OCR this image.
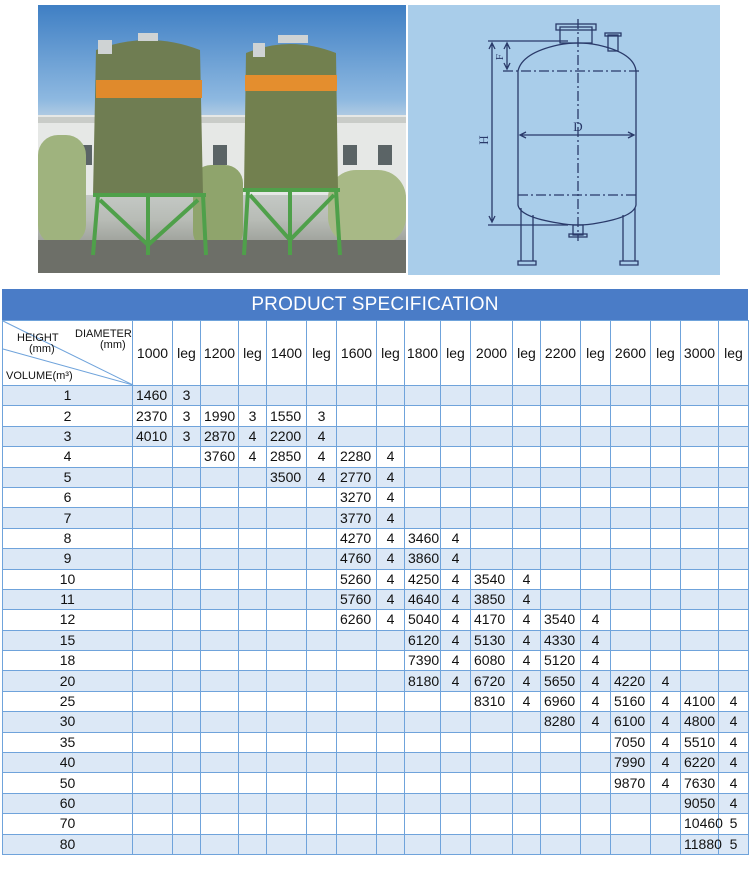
H
F
D
PRODUCT SPECIFICATION
HEIGHT
(mm)
DIAMETER
(mm)
VOLUME(m³)	1000	leg	1200	leg	1400	leg	1600	leg	1800	leg	2000	leg	2200	leg	2600	leg	3000	leg
1	1460	3																
2	2370	3	1990	3	1550	3												
3	4010	3	2870	4	2200	4												
4			3760	4	2850	4	2280	4										
5					3500	4	2770	4										
6							3270	4										
7							3770	4										
8							4270	4	3460	4								
9							4760	4	3860	4								
10							5260	4	4250	4	3540	4						
11							5760	4	4640	4	3850	4						
12							6260	4	5040	4	4170	4	3540	4				
15									6120	4	5130	4	4330	4				
18									7390	4	6080	4	5120	4				
20									8180	4	6720	4	5650	4	4220	4		
25											8310	4	6960	4	5160	4	4100	4
30													8280	4	6100	4	4800	4
35															7050	4	5510	4
40															7990	4	6220	4
50															9870	4	7630	4
60																	9050	4
70																	10460	5
80																	11880	5
